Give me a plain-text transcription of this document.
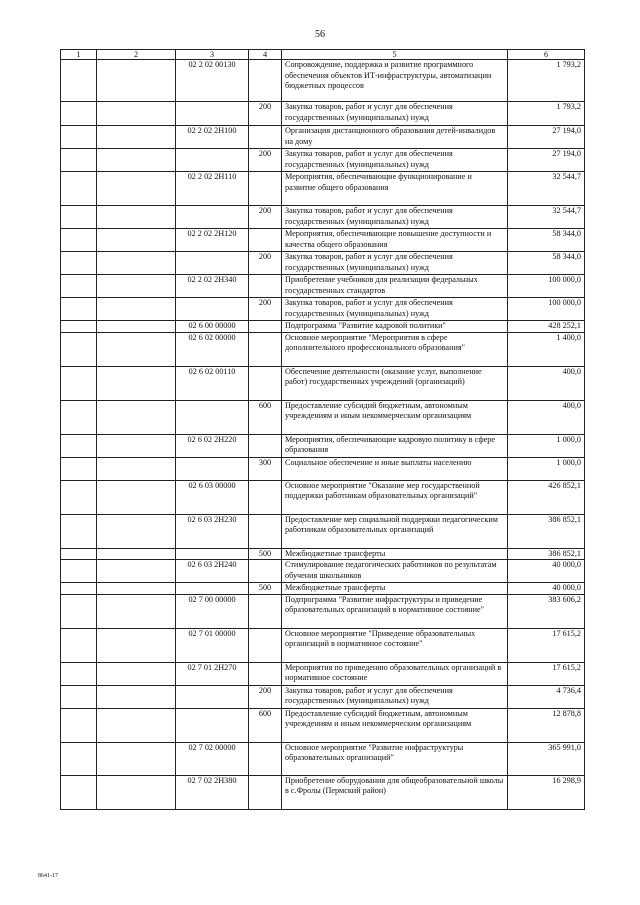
56
1	2	3	4	5	6
		02 2 02 00130		Сопровождение, поддержка и развитие программного обеспечения объектов ИТ-инфраструктуры, автоматизации бюджетных процессов	1 793,2
			200	Закупка товаров, работ и услуг для обеспечения государственных (муниципальных) нужд	1 793,2
		02 2 02 2Н100		Организация дистанционного образования детей-инвалидов на дому	27 194,0
			200	Закупка товаров, работ и услуг для обеспечения государственных (муниципальных) нужд	27 194,0
		02 2 02 2Н110		Мероприятия, обеспечивающие функционирование и развитие общего образования	32 544,7
			200	Закупка товаров, работ и услуг для обеспечения государственных (муниципальных) нужд	32 544,7
		02 2 02 2Н120		Мероприятия, обеспечивающие повышение доступности и качества общего образования	58 344,0
			200	Закупка товаров, работ и услуг для обеспечения государственных (муниципальных) нужд	58 344,0
		02 2 02 2Н340		Приобретение учебников для реализации федеральных государственных стандартов	100 000,0
			200	Закупка товаров, работ и услуг для обеспечения государственных (муниципальных) нужд	100 000,0
		02 6 00 00000		Подпрограмма "Развитие кадровой политики"	428 252,1
		02 6 02 00000		Основное мероприятие "Мероприятия в сфере дополнительного профессионального образования"	1 400,0
		02 6 02 00110		Обеспечение деятельности (оказание услуг, выполнение работ) государственных учреждений (организаций)	400,0
			600	Предоставление субсидий бюджетным, автономным учреждениям и иным некоммерческим организациям	400,0
		02 6 02 2Н220		Мероприятия, обеспечивающие кадровую политику в сфере образования	1 000,0
			300	Социальное обеспечение и иные выплаты населению	1 000,0
		02 6 03 00000		Основное мероприятие "Оказание мер государственной поддержки работникам образовательных организаций"	426 852,1
		02 6 03 2Н230		Предоставление мер социальной поддержки педагогическим работникам образовательных организаций	386 852,1
			500	Межбюджетные трансферты	386 852,1
		02 6 03 2Н240		Стимулирование педагогических работников по результатам обучения школьников	40 000,0
			500	Межбюджетные трансферты	40 000,0
		02 7 00 00000		Подпрограмма "Развитие инфраструктуры и приведение образовательных организаций в нормативное состояние"	383 606,2
		02 7 01 00000		Основное мероприятие "Приведение образовательных организаций в нормативное состояние"	17 615,2
		02 7 01 2Н270		Мероприятия по приведению образовательных организаций в нормативное состояние	17 615,2
			200	Закупка товаров, работ и услуг для обеспечения государственных (муниципальных) нужд	4 736,4
			600	Предоставление субсидий бюджетным, автономным учреждениям и иным некоммерческим организациям	12 878,8
		02 7 02 00000		Основное мероприятие "Развитие инфраструктуры образовательных организаций"	365 991,0
		02 7 02 2Н380		Приобретение оборудования для общеобразовательной школы в с.Фролы (Пермский район)	16 298,9
8641-17
